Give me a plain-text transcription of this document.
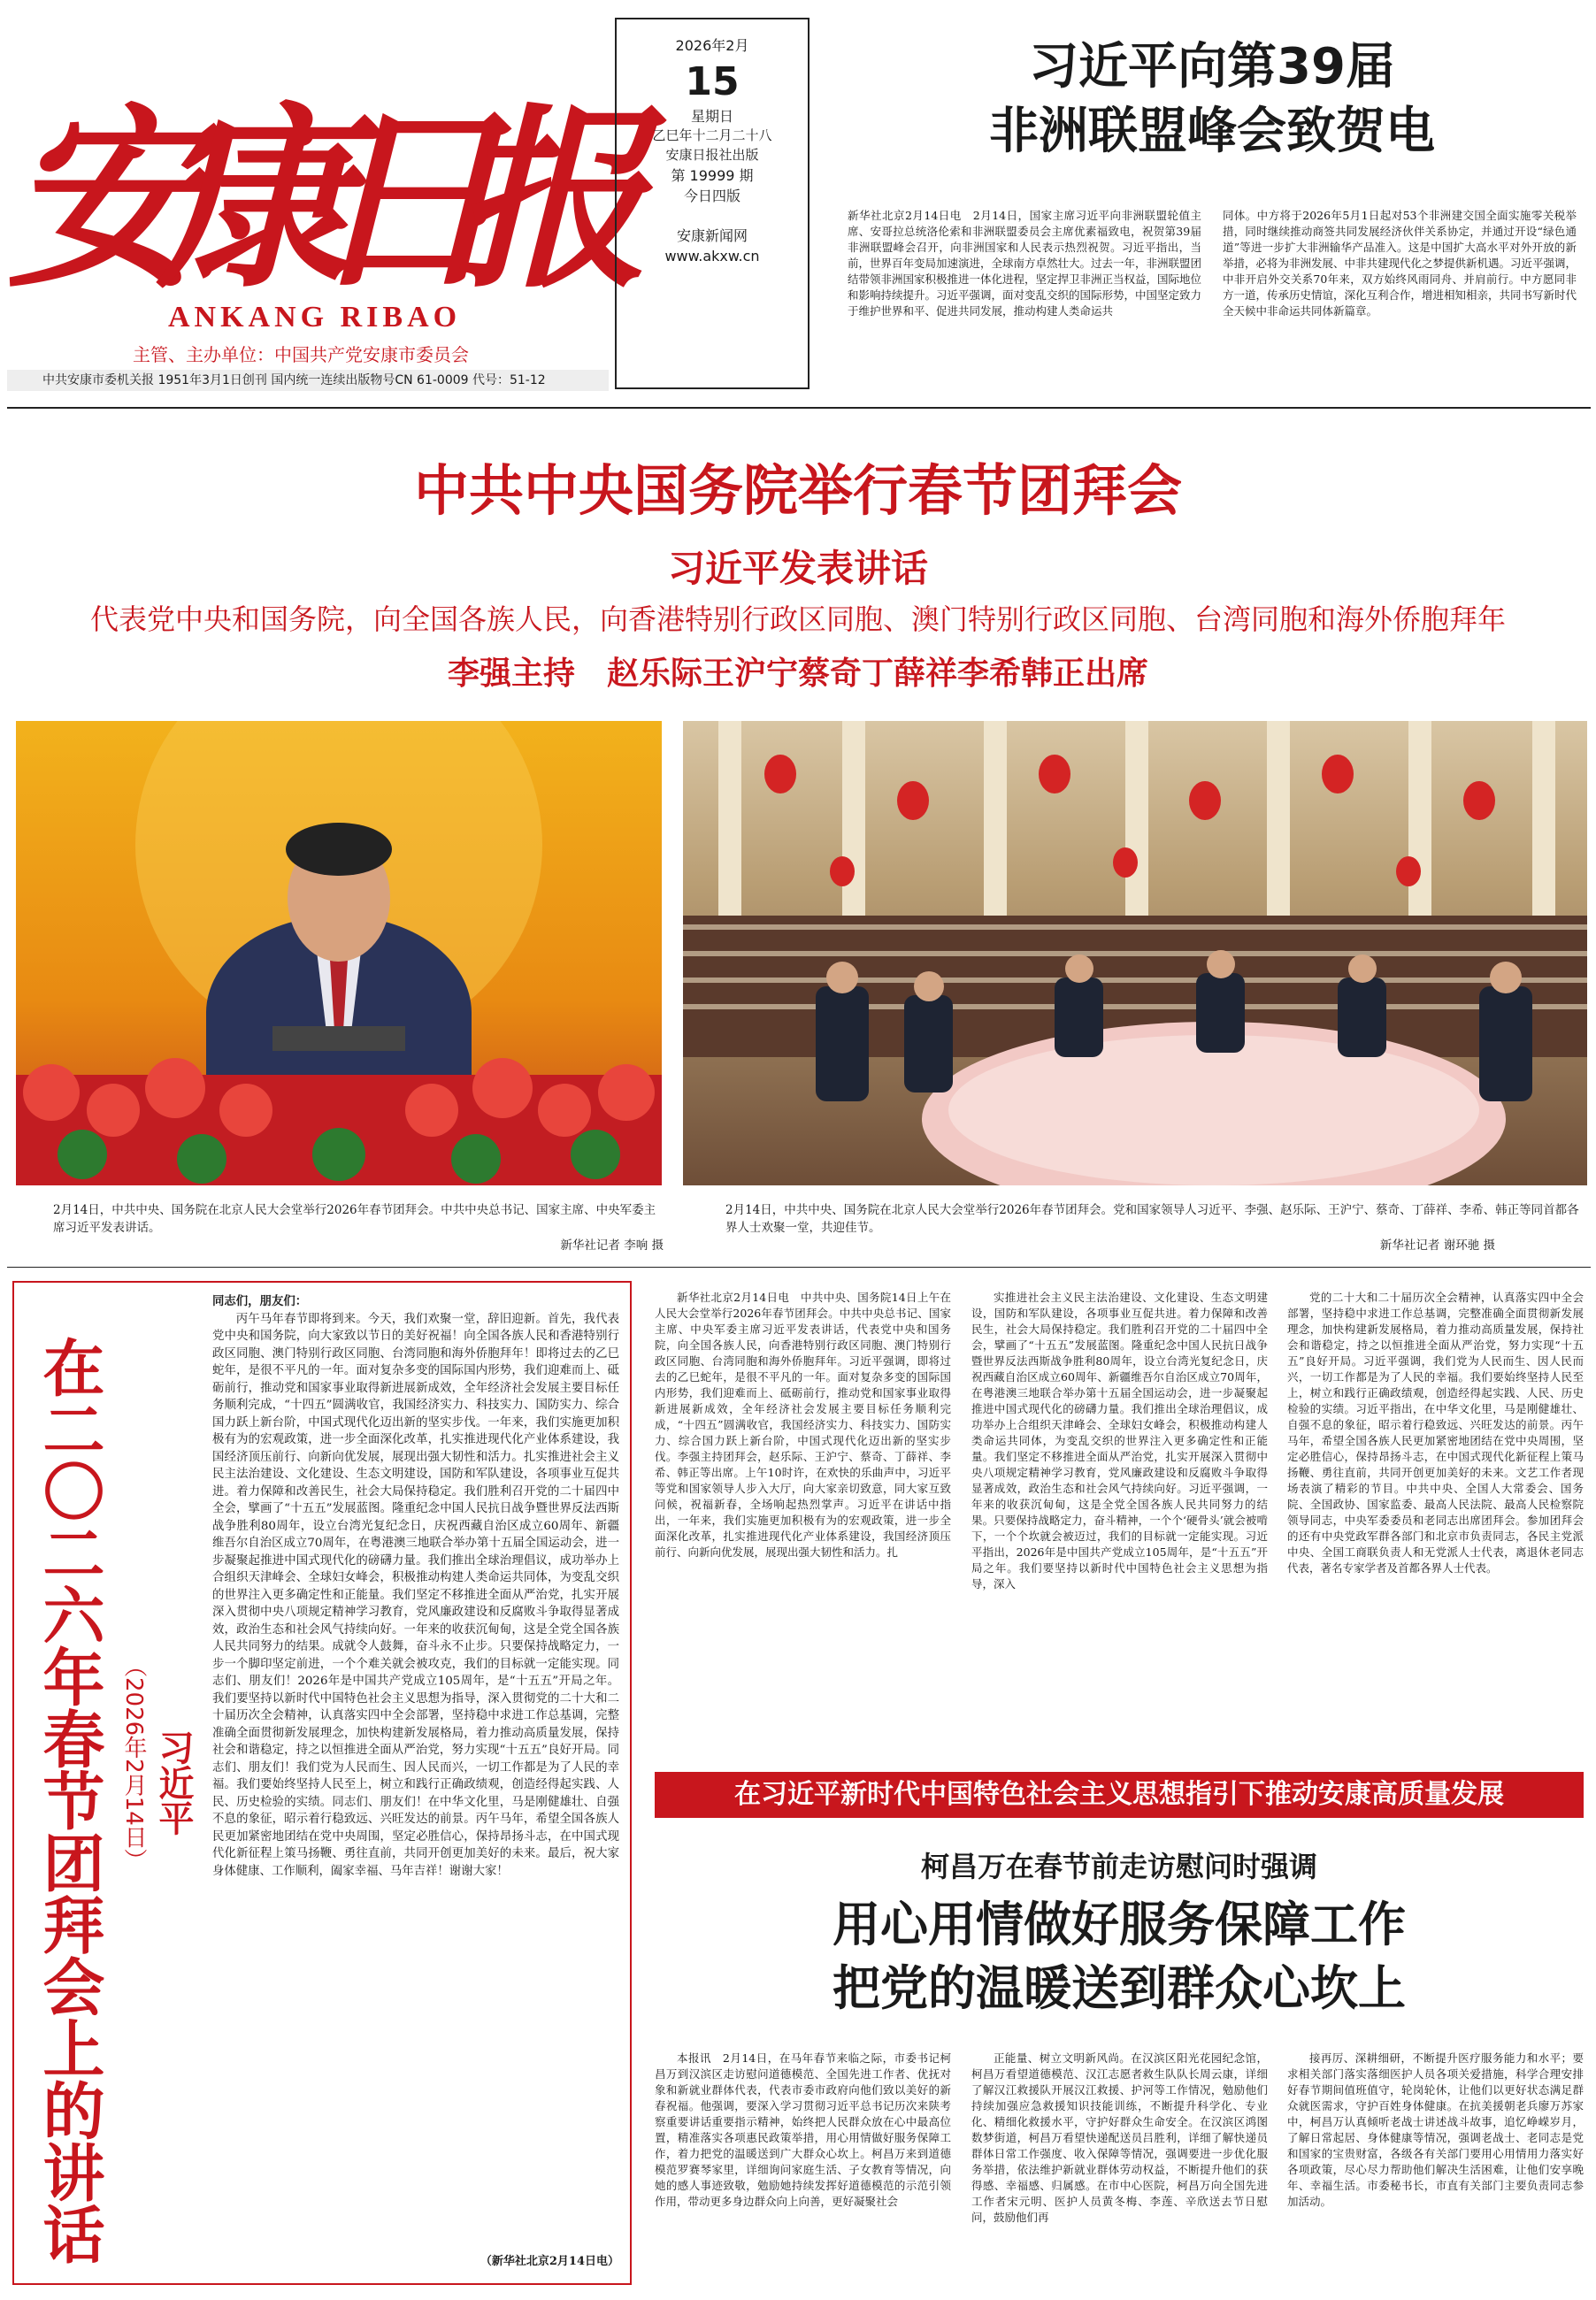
安
康
日
报
ANKANG RIBAO
主管、主办单位：中国共产党安康市委员会
中共安康市委机关报 1951年3月1日创刊 国内统一连续出版物号CN 61-0009 代号：51-12
2026年2月
15
星期日
乙巳年十二月二十八
安康日报社出版
第 19999 期
今日四版
安康新闻网
www.akxw.cn
习近平向第39届
非洲联盟峰会致贺电
新华社北京2月14日电　2月14日，国家主席习近平向非洲联盟轮值主席、安哥拉总统洛伦索和非洲联盟委员会主席优素福致电，祝贺第39届非洲联盟峰会召开，向非洲国家和人民表示热烈祝贺。习近平指出，当前，世界百年变局加速演进，全球南方卓然壮大。过去一年，非洲联盟团结带领非洲国家积极推进一体化进程，坚定捍卫非洲正当权益，国际地位和影响持续提升。习近平强调，面对变乱交织的国际形势，中国坚定致力于维护世界和平、促进共同发展，推动构建人类命运共
同体。中方将于2026年5月1日起对53个非洲建交国全面实施零关税举措，同时继续推动商签共同发展经济伙伴关系协定，并通过开设“绿色通道”等进一步扩大非洲输华产品准入。这是中国扩大高水平对外开放的新举措，必将为非洲发展、中非共建现代化之梦提供新机遇。习近平强调，中非开启外交关系70年来，双方始终风雨同舟、并肩前行。中方愿同非方一道，传承历史情谊，深化互利合作，增进相知相亲，共同书写新时代全天候中非命运共同体新篇章。
中共中央国务院举行春节团拜会
习近平发表讲话
代表党中央和国务院，向全国各族人民，向香港特别行政区同胞、澳门特别行政区同胞、台湾同胞和海外侨胞拜年
李强主持　赵乐际王沪宁蔡奇丁薛祥李希韩正出席
2月14日，中共中央、国务院在北京人民大会堂举行2026年春节团拜会。中共中央总书记、国家主席、中央军委主席习近平发表讲话。
新华社记者 李响 摄
2月14日，中共中央、国务院在北京人民大会堂举行2026年春节团拜会。党和国家领导人习近平、李强、赵乐际、王沪宁、蔡奇、丁薛祥、李希、韩正等同首都各界人士欢聚一堂，共迎佳节。
新华社记者 谢环驰 摄
在二〇二六年春节团拜会上的讲话 （2026年2月14日） 习近平
同志们，朋友们：
丙午马年春节即将到来。今天，我们欢聚一堂，辞旧迎新。首先，我代表党中央和国务院，向大家致以节日的美好祝福！向全国各族人民和香港特别行政区同胞、澳门特别行政区同胞、台湾同胞和海外侨胞拜年！即将过去的乙巳蛇年，是很不平凡的一年。面对复杂多变的国际国内形势，我们迎难而上、砥砺前行，推动党和国家事业取得新进展新成效，全年经济社会发展主要目标任务顺利完成，“十四五”圆满收官，我国经济实力、科技实力、国防实力、综合国力跃上新台阶，中国式现代化迈出新的坚实步伐。一年来，我们实施更加积极有为的宏观政策，进一步全面深化改革，扎实推进现代化产业体系建设，我国经济顶压前行、向新向优发展，展现出强大韧性和活力。扎实推进社会主义民主法治建设、文化建设、生态文明建设，国防和军队建设，各项事业互促共进。着力保障和改善民生，社会大局保持稳定。我们胜利召开党的二十届四中全会，擘画了“十五五”发展蓝图。隆重纪念中国人民抗日战争暨世界反法西斯战争胜利80周年，设立台湾光复纪念日，庆祝西藏自治区成立60周年、新疆维吾尔自治区成立70周年，在粤港澳三地联合举办第十五届全国运动会，进一步凝聚起推进中国式现代化的磅礴力量。我们推出全球治理倡议，成功举办上合组织天津峰会、全球妇女峰会，积极推动构建人类命运共同体，为变乱交织的世界注入更多确定性和正能量。我们坚定不移推进全面从严治党，扎实开展深入贯彻中央八项规定精神学习教育，党风廉政建设和反腐败斗争取得显著成效，政治生态和社会风气持续向好。一年来的收获沉甸甸，这是全党全国各族人民共同努力的结果。成就令人鼓舞，奋斗永不止步。只要保持战略定力，一步一个脚印坚定前进，一个个难关就会被攻克，我们的目标就一定能实现。同志们、朋友们！2026年是中国共产党成立105周年，是“十五五”开局之年。我们要坚持以新时代中国特色社会主义思想为指导，深入贯彻党的二十大和二十届历次全会精神，认真落实四中全会部署，坚持稳中求进工作总基调，完整准确全面贯彻新发展理念，加快构建新发展格局，着力推动高质量发展，保持社会和谐稳定，持之以恒推进全面从严治党，努力实现“十五五”良好开局。同志们、朋友们！我们党为人民而生、因人民而兴，一切工作都是为了人民的幸福。我们要始终坚持人民至上，树立和践行正确政绩观，创造经得起实践、人民、历史检验的实绩。同志们、朋友们！在中华文化里，马是刚健雄壮、自强不息的象征，昭示着行稳致远、兴旺发达的前景。丙午马年，希望全国各族人民更加紧密地团结在党中央周围，坚定必胜信心，保持昂扬斗志，在中国式现代化新征程上策马扬鞭、勇往直前，共同开创更加美好的未来。最后，祝大家身体健康、工作顺利，阖家幸福、马年吉祥！谢谢大家！
（新华社北京2月14日电）
新华社北京2月14日电　中共中央、国务院14日上午在人民大会堂举行2026年春节团拜会。中共中央总书记、国家主席、中央军委主席习近平发表讲话，代表党中央和国务院，向全国各族人民，向香港特别行政区同胞、澳门特别行政区同胞、台湾同胞和海外侨胞拜年。习近平强调，即将过去的乙巳蛇年，是很不平凡的一年。面对复杂多变的国际国内形势，我们迎难而上、砥砺前行，推动党和国家事业取得新进展新成效，全年经济社会发展主要目标任务顺利完成，“十四五”圆满收官，我国经济实力、科技实力、国防实力、综合国力跃上新台阶，中国式现代化迈出新的坚实步伐。李强主持团拜会，赵乐际、王沪宁、蔡奇、丁薛祥、李希、韩正等出席。上午10时许，在欢快的乐曲声中，习近平等党和国家领导人步入大厅，向大家亲切致意，同大家互致问候，祝福新春，全场响起热烈掌声。习近平在讲话中指出，一年来，我们实施更加积极有为的宏观政策，进一步全面深化改革，扎实推进现代化产业体系建设，我国经济顶压前行、向新向优发展，展现出强大韧性和活力。扎
实推进社会主义民主法治建设、文化建设、生态文明建设，国防和军队建设，各项事业互促共进。着力保障和改善民生，社会大局保持稳定。我们胜利召开党的二十届四中全会，擘画了“十五五”发展蓝图。隆重纪念中国人民抗日战争暨世界反法西斯战争胜利80周年，设立台湾光复纪念日，庆祝西藏自治区成立60周年、新疆维吾尔自治区成立70周年，在粤港澳三地联合举办第十五届全国运动会，进一步凝聚起推进中国式现代化的磅礴力量。我们推出全球治理倡议，成功举办上合组织天津峰会、全球妇女峰会，积极推动构建人类命运共同体，为变乱交织的世界注入更多确定性和正能量。我们坚定不移推进全面从严治党，扎实开展深入贯彻中央八项规定精神学习教育，党风廉政建设和反腐败斗争取得显著成效，政治生态和社会风气持续向好。习近平强调，一年来的收获沉甸甸，这是全党全国各族人民共同努力的结果。只要保持战略定力，奋斗精神，一个个‘硬骨头’就会被啃下，一个个坎就会被迈过，我们的目标就一定能实现。习近平指出，2026年是中国共产党成立105周年，是“十五五”开局之年。我们要坚持以新时代中国特色社会主义思想为指导，深入
党的二十大和二十届历次全会精神，认真落实四中全会部署，坚持稳中求进工作总基调，完整准确全面贯彻新发展理念，加快构建新发展格局，着力推动高质量发展，保持社会和谐稳定，持之以恒推进全面从严治党，努力实现“十五五”良好开局。习近平强调，我们党为人民而生、因人民而兴，一切工作都是为了人民的幸福。我们要始终坚持人民至上，树立和践行正确政绩观，创造经得起实践、人民、历史检验的实绩。习近平指出，在中华文化里，马是刚健雄壮、自强不息的象征，昭示着行稳致远、兴旺发达的前景。丙午马年，希望全国各族人民更加紧密地团结在党中央周围，坚定必胜信心，保持昂扬斗志，在中国式现代化新征程上策马扬鞭、勇往直前，共同开创更加美好的未来。文艺工作者现场表演了精彩的节目。中共中央、全国人大常委会、国务院、全国政协、国家监委、最高人民法院、最高人民检察院领导同志，中央军委委员和老同志出席团拜会。参加团拜会的还有中央党政军群各部门和北京市负责同志，各民主党派中央、全国工商联负责人和无党派人士代表，离退休老同志代表，著名专家学者及首都各界人士代表。
在习近平新时代中国特色社会主义思想指引下推动安康高质量发展
柯昌万在春节前走访慰问时强调
用心用情做好服务保障工作
把党的温暖送到群众心坎上
本报讯　2月14日，在马年春节来临之际，市委书记柯昌万到汉滨区走访慰问道德模范、全国先进工作者、优抚对象和新就业群体代表，代表市委市政府向他们致以美好的新春祝福。他强调，要深入学习贯彻习近平总书记历次来陕考察重要讲话重要指示精神，始终把人民群众放在心中最高位置，精准落实各项惠民政策举措，用心用情做好服务保障工作，着力把党的温暖送到广大群众心坎上。柯昌万来到道德模范罗赛琴家里，详细询问家庭生活、子女教育等情况，向她的感人事迹致敬，勉励她持续发挥好道德模范的示范引领作用，带动更多身边群众向上向善，更好凝聚社会
正能量、树立文明新风尚。在汉滨区阳光花园纪念馆，柯昌万看望道德模范、汉江志愿者救生队队长周云康，详细了解汉江救援队开展汉江救援、护河等工作情况，勉励他们持续加强应急救援知识技能训练，不断提升科学化、专业化、精细化救援水平，守护好群众生命安全。在汉滨区鸿图数梦街道，柯昌万看望快递配送员吕胜利，详细了解快递员群体日常工作强度、收入保障等情况，强调要进一步优化服务举措，依法维护新就业群体劳动权益，不断提升他们的获得感、幸福感、归属感。在市中心医院，柯昌万向全国先进工作者宋元明、医护人员黄冬梅、李莲、辛欣送去节日慰问，鼓励他们再
接再厉、深耕细研，不断提升医疗服务能力和水平；要求相关部门落实落细医护人员各项关爱措施，科学合理安排好春节期间值班值守，轮岗轮休，让他们以更好状态满足群众就医需求，守护百姓身体健康。在抗美援朝老兵廖万苏家中，柯昌万认真倾听老战士讲述战斗故事，追忆峥嵘岁月，了解日常起居、身体健康等情况，强调老战士、老同志是党和国家的宝贵财富，各级各有关部门要用心用情用力落实好各项政策，尽心尽力帮助他们解决生活困难，让他们安享晚年、幸福生活。市委秘书长，市直有关部门主要负责同志参加活动。
